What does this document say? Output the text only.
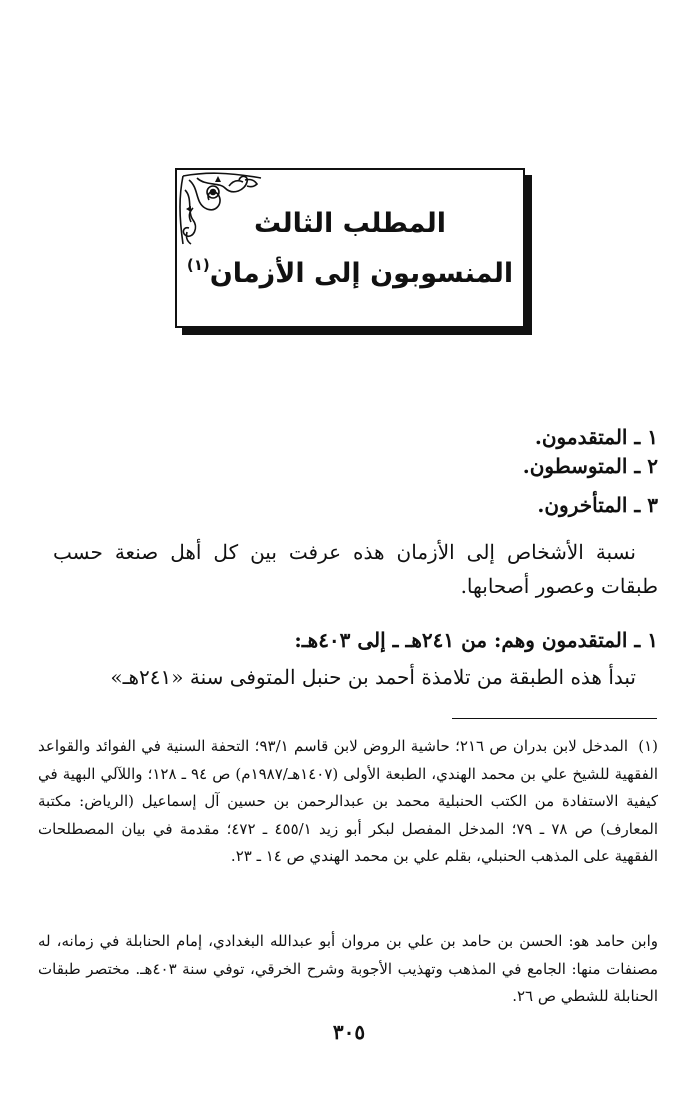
المطلب الثالث
المنسوبون إلى الأزمان$^{(١)}$
١ ـ المتقدمون.
٢ ـ المتوسطون.
٣ ـ المتأخرون.
نسبة الأشخاص إلى الأزمان هذه عرفت بين كل أهل صنعة حسب طبقات وعصور أصحابها.
١ ـ المتقدمون وهم: من ٢٤١هـ ـ إلى ٤٠٣هـ:
تبدأ هذه الطبقة من تلامذة أحمد بن حنبل المتوفى سنة «٢٤١هـ»
(١)المدخل لابن بدران ص ٢١٦؛ حاشية الروض لابن قاسم ٩٣/١؛ التحفة السنية في الفوائد والقواعد الفقهية للشيخ علي بن محمد الهندي، الطبعة الأولى (١٤٠٧هـ/١٩٨٧م) ص ٩٤ ـ ١٢٨؛ واللآلي البهية في كيفية الاستفادة من الكتب الحنبلية محمد بن عبدالرحمن بن حسين آل إسماعيل (الرياض: مكتبة المعارف) ص ٧٨ ـ ٧٩؛ المدخل المفصل لبكر أبو زيد ٤٥٥/١ ـ ٤٧٢؛ مقدمة في بيان المصطلحات الفقهية على المذهب الحنبلي، بقلم علي بن محمد الهندي ص ١٤ ـ ٢٣.
وابن حامد هو: الحسن بن حامد بن علي بن مروان أبو عبدالله البغدادي، إمام الحنابلة في زمانه، له مصنفات منها: الجامع في المذهب وتهذيب الأجوبة وشرح الخرقي، توفي سنة ٤٠٣هـ. مختصر طبقات الحنابلة للشطي ص ٢٦.
٣٠٥
